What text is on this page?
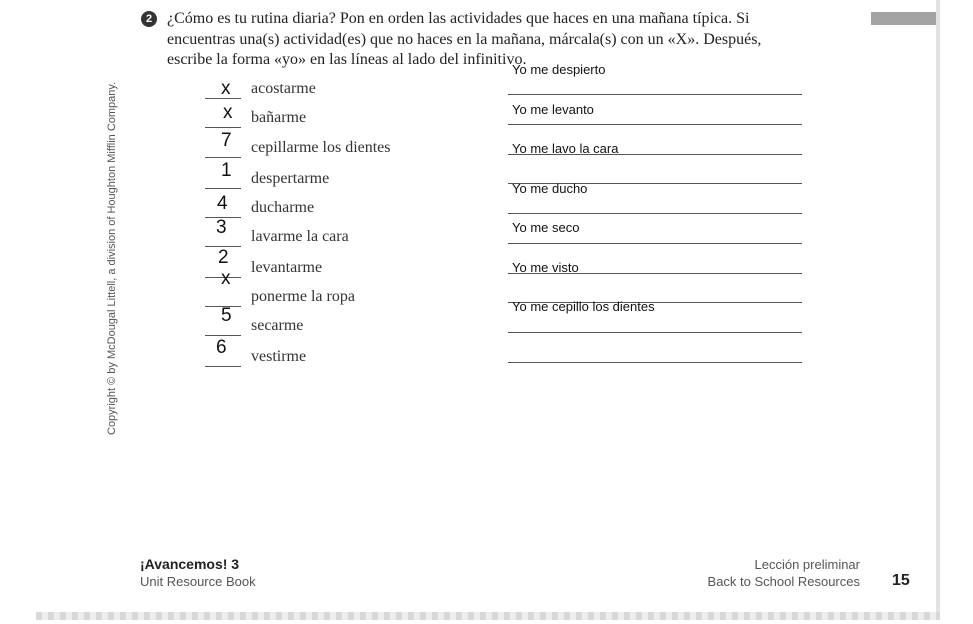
Copyright © by McDougal Littell, a division of Houghton Mifflin Company.
2 ¿Cómo es tu rutina diaria? Pon en orden las actividades que haces en una mañana típica. Si encuentras una(s) actividad(es) que no haces en la mañana, márcala(s) con un «X». Después, escribe la forma «yo» en las líneas al lado del infinitivo.

x acostarme
x bañarme
7 cepillarme los dientes
1 despertarme
4 ducharme
3 lavarme la cara
2 levantarme
x
ponerme la ropa
5 secarme
6 vestirme
Yo me despierto
Yo me levanto
Yo me lavo la cara
Yo me ducho
Yo me seco
Yo me visto
Yo me cepillo los dientes
¡Avancemos! 3
Unit Resource Book
Lección preliminar
Back to School Resources 15
